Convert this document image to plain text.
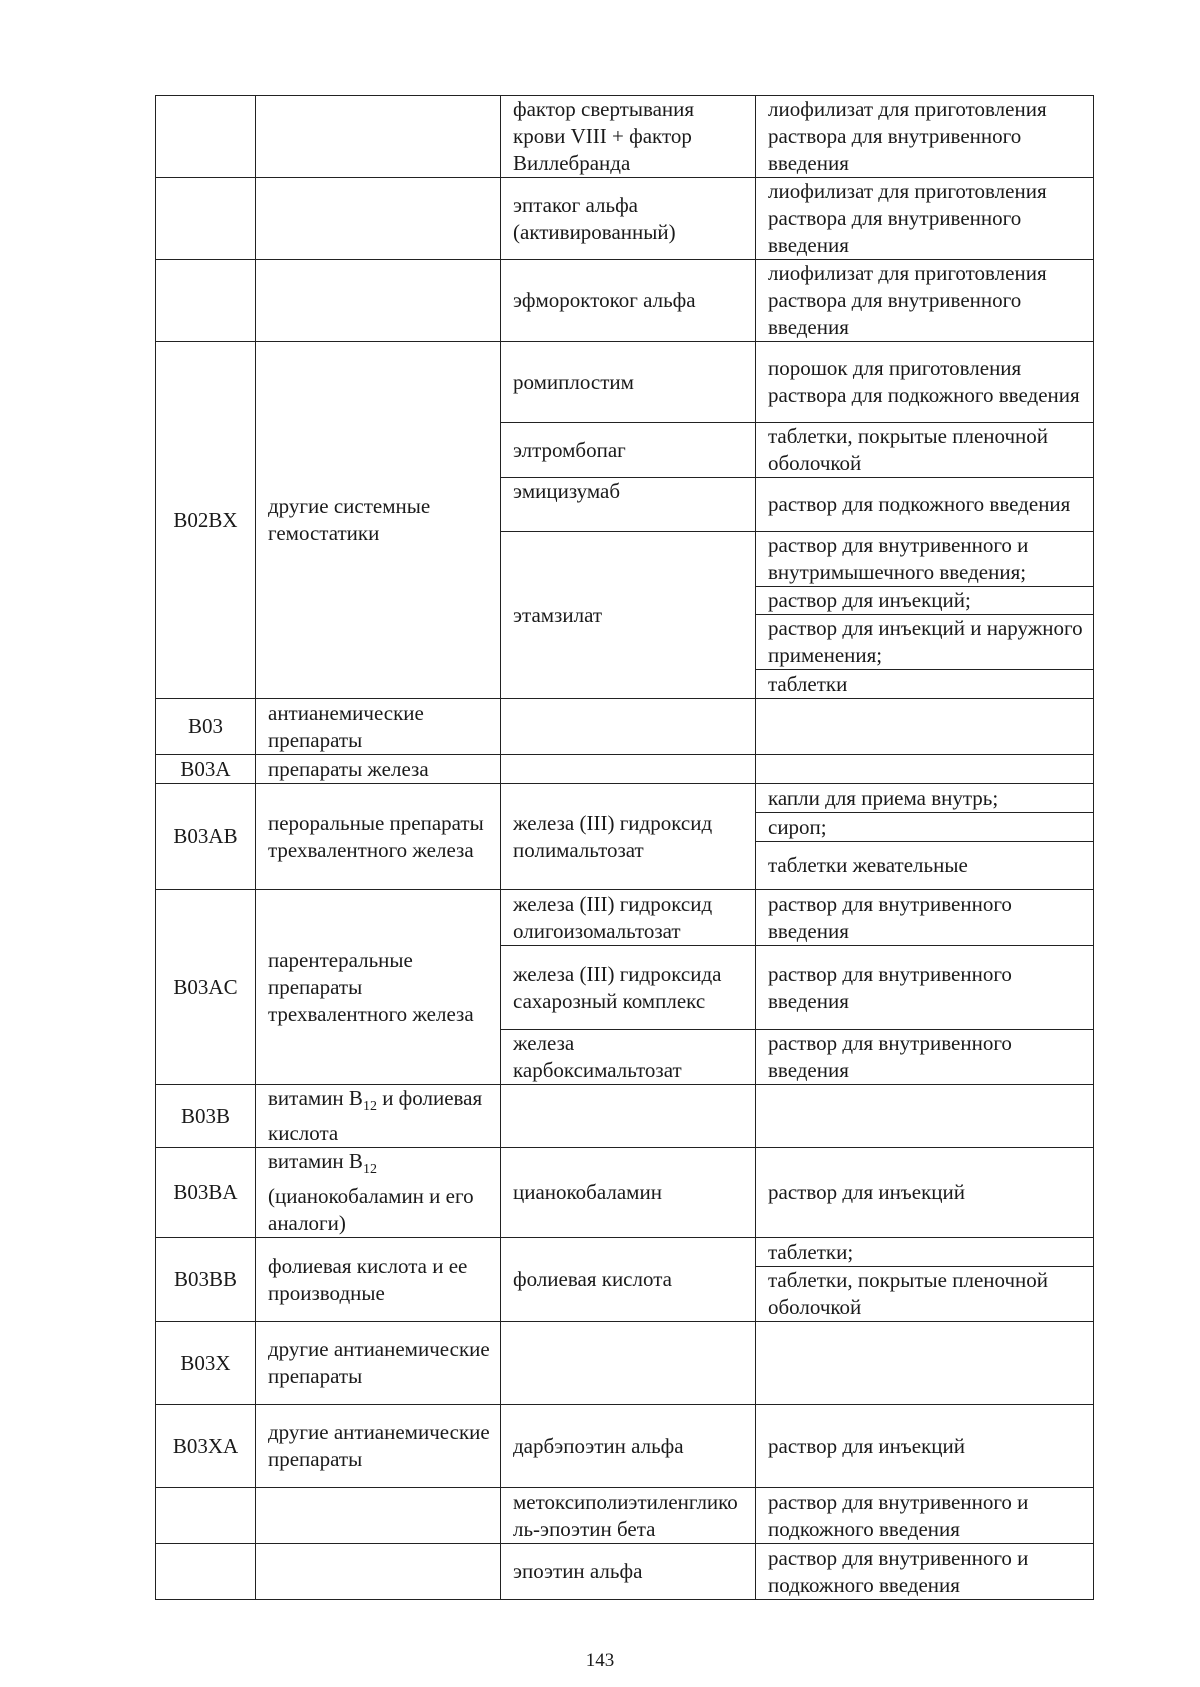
		фактор свертывания крови VIII + фактор Виллебранда	лиофилизат для приготовления раствора для внутривенного введения
		эптаког альфа (активированный)	лиофилизат для приготовления раствора для внутривенного введения
		эфмороктоког альфа	лиофилизат для приготовления раствора для внутривенного введения
B02BX	другие системные гемостатики	ромиплостим	порошок для приготовления раствора для подкожного введения
		элтромбопаг	таблетки, покрытые пленочной оболочкой
		эмицизумаб	раствор для подкожного введения
		этамзилат	раствор для внутривенного и внутримышечного введения;
			раствор для инъекций;
			раствор для инъекций и наружного применения;
			таблетки
B03	антианемические препараты		
B03A	препараты железа		
B03AB	пероральные препараты трехвалентного железа	железа (III) гидроксид полимальтозат	капли для приема внутрь;
			сироп;
			таблетки жевательные
B03AC	парентеральные препараты трехвалентного железа	железа (III) гидроксид олигоизомальтозат	раствор для внутривенного введения
		железа (III) гидроксида сахарозный комплекс	раствор для внутривенного введения
		железа карбоксимальтозат	раствор для внутривенного введения
B03B	витамин $B_{12}$ и фолиевая кислота		
B03BA	витамин $B_{12}$ (цианокобаламин и его аналоги)	цианокобаламин	раствор для инъекций
B03BB	фолиевая кислота и ее производные	фолиевая кислота	таблетки;
			таблетки, покрытые пленочной оболочкой
B03X	другие антианемические препараты		
B03XA	другие антианемические препараты	дарбэпоэтин альфа	раствор для инъекций
		метоксиполиэтиленгликоль-эпоэтин бета	раствор для внутривенного и подкожного введения
		эпоэтин альфа	раствор для внутривенного и подкожного введения
143
